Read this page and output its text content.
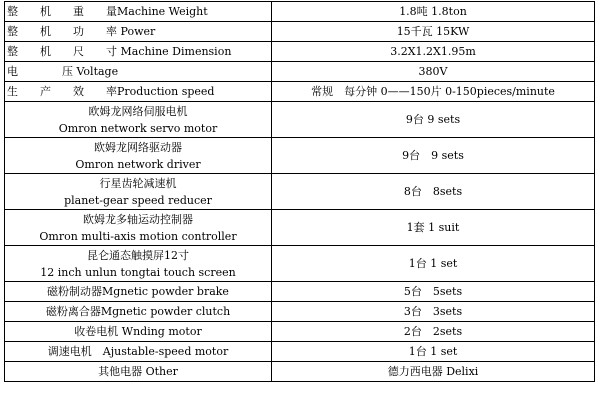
整　　机　　重　　量Machine Weight	1.8吨 1.8ton
整　　机　　功　　率 Power	15千瓦 15KW
整　　机　　尺　　寸 Machine Dimension	3.2X1.2X1.95m
电　　　　压 Voltage	380V
生　　产　　效　　率Production speed	常规　每分钟 0——150片 0-150pieces/minute

欧姆龙网络伺服电机
Omron network servo motor	9台 9 sets

欧姆龙网络驱动器
Omron network driver	9台　9 sets

行星齿轮减速机
planet-gear speed reducer	8台　8sets

欧姆龙多轴运动控制器
Omron multi-axis motion controller	1套 1 suit

昆仑通态触摸屏12寸
12 inch unlun tongtai touch screen	1台 1 set
磁粉制动器Mgnetic powder brake	5台　5sets
磁粉离合器Mgnetic powder clutch	3台　3sets
收卷电机 Wnding motor	2台　2sets
调速电机　Ajustable-speed motor	1台 1 set
其他电器 Other	德力西电器 Delixi
